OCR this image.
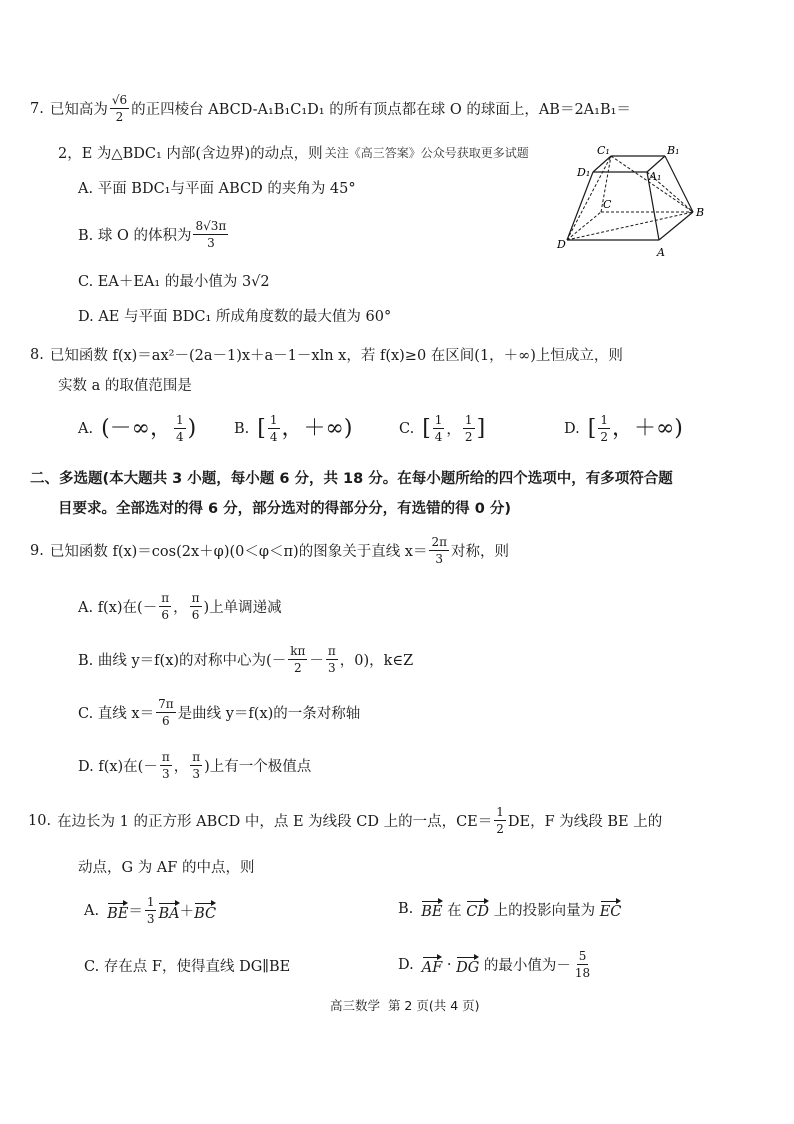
7. 已知高为 $\frac{√6}{2}$ 的正四棱台 ABCD-A₁B₁C₁D₁ 的所有顶点都在球 O 的球面上，AB＝2A₁B₁＝
2，E 为△BDC₁ 内部(含边界)的动点，则 关注《高三答案》公众号获取更多试题
A. 平面 BDC₁与平面 ABCD 的夹角为 45°
B. 球 O 的体积为 $\frac{8√3\pi}{3}$
C. EA＋EA₁ 的最小值为 3√2
D. AE 与平面 BDC₁ 所成角度数的最大值为 60°
C₁	B₁
D₁	A₁
C
B
D
A
8. 已知函数 f(x)＝ax²－(2a－1)x＋a－1－xln x，若 f(x)≥0 在区间(1，＋∞)上恒成立，则
实数 a 的取值范围是
A. (－∞， $\frac{1}{4}$ )	B. [ $\frac{1}{4}$ ，＋∞)	C. [ $\frac{1}{4}$ ， $\frac{1}{2}$ ]	D. [ $\frac{1}{2}$ ，＋∞)
二、多选题(本大题共 3 小题，每小题 6 分，共 18 分。在每小题所给的四个选项中，有多项符合题
目要求。全部选对的得 6 分，部分选对的得部分分，有选错的得 0 分)
9. 已知函数 f(x)＝cos(2x＋φ)(0＜φ＜π)的图象关于直线 $x= \frac{2\pi}{3}$ 对称，则
A. f(x)在(－ $\frac{\pi}{6}$ ， $\frac{\pi}{6}$ )上单调递减
B. 曲线 y＝f(x)的对称中心为(－ $\frac{k\pi}{2} - \frac{\pi}{3}$ ，0)，k∈Z
C. 直线 $x= \frac{7\pi}{6}$ 是曲线 y＝f(x)的一条对称轴
D. f(x)在(－ $\frac{\pi}{3}$ ， $\frac{\pi}{3}$ )上有一个极值点
10. 在边长为 1 的正方形 ABCD 中，点 E 为线段 CD 上的一点，$CE= \frac{1}{2}$ DE，F 为线段 BE 上的
动点，G 为 AF 的中点，则
A. BE ＝ $\frac{1}{3}$ BA ＋ BC	B. BE 在 CD 上的投影向量为 EC
C. 存在点 F，使得直线 DG∥BE	D. AF · DG 的最小值为－ $\frac{5}{18}$
高三数学  第 2 页(共 4 页)
